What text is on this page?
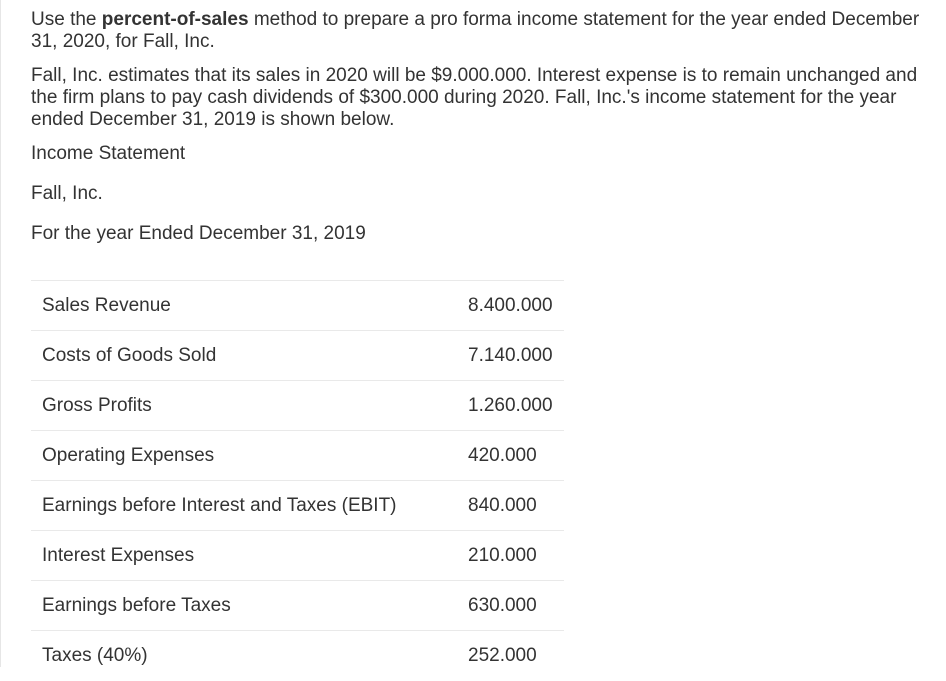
Use the percent-of-sales method to prepare a pro forma income statement for the year ended December 31, 2020, for Fall, Inc.

Fall, Inc. estimates that its sales in 2020 will be $9.000.000. Interest expense is to remain unchanged and the firm plans to pay cash dividends of $300.000 during 2020. Fall, Inc.'s income statement for the year ended December 31, 2019 is shown below.

Income Statement

Fall, Inc.

For the year Ended December 31, 2019

Sales Revenue	8.400.000
Costs of Goods Sold	7.140.000
Gross Profits	1.260.000
Operating Expenses	420.000
Earnings before Interest and Taxes (EBIT)	840.000
Interest Expenses	210.000
Earnings before Taxes	630.000
Taxes (40%)	252.000
